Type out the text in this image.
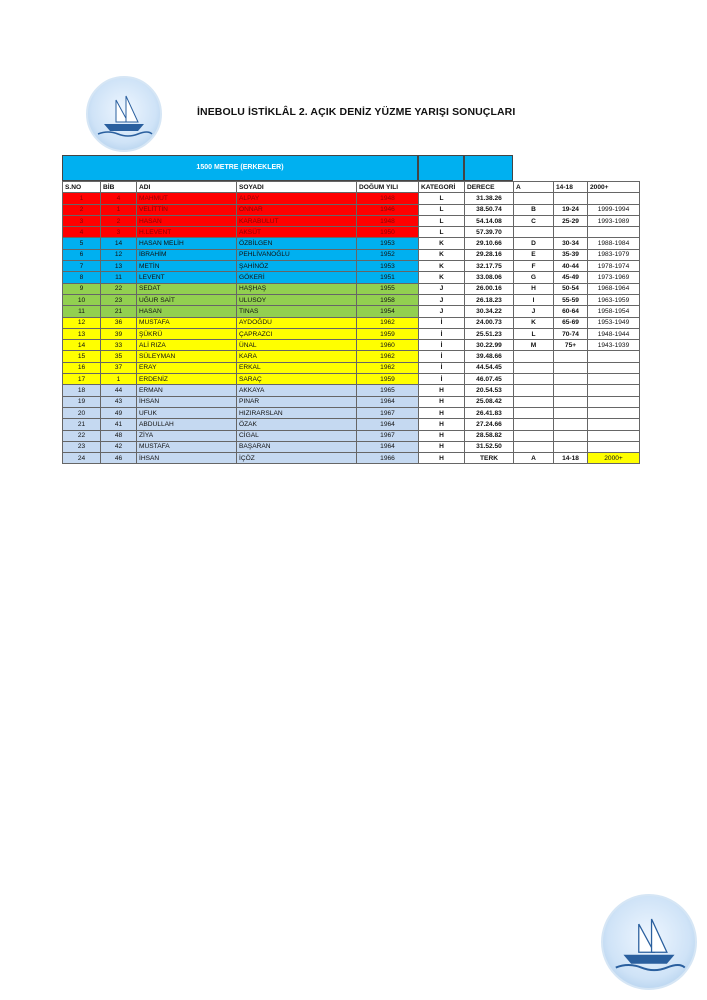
İNEBOLU İSTİKLÂL 2. AÇIK DENİZ YÜZME YARIŞI SONUÇLARI
1500 METRE (ERKEKLER)
S.NO	BİB	ADI	SOYADI	DOĞUM YILI	KATEGORİ	DERECE	A	14-18	2000+
1	4	MAHMUT	ALPAY	1948	L	31.38.26			
2	1	VELİTTİN	ONNAR	1946	L	38.50.74	B	19-24	1999-1994
3	2	HASAN	KARABULUT	1948	L	54.14.08	C	25-29	1993-1989
4	3	H.LEVENT	AKSÜT	1950	L	57.39.70			
5	14	HASAN MELİH	ÖZBİLGEN	1953	K	29.10.66	D	30-34	1988-1984
6	12	İBRAHİM	PEHLİVANOĞLU	1952	K	29.28.16	E	35-39	1983-1979
7	13	METİN	ŞAHİNÖZ	1953	K	32.17.75	F	40-44	1978-1974
8	11	LEVENT	GÖKERİ	1951	K	33.08.06	G	45-49	1973-1969
9	22	SEDAT	HAŞHAŞ	1955	J	26.00.16	H	50-54	1968-1964
10	23	UĞUR SAİT	ULUSOY	1958	J	26.18.23	I	55-59	1963-1959
11	21	HASAN	TINAS	1954	J	30.34.22	J	60-64	1958-1954
12	36	MUSTAFA	AYDOĞDU	1962	İ	24.00.73	K	65-69	1953-1949
13	39	ŞÜKRÜ	ÇAPRAZCI	1959	İ	25.51.23	L	70-74	1948-1944
14	33	ALİ RIZA	ÜNAL	1960	İ	30.22.99	M	75+	1943-1939
15	35	SÜLEYMAN	KARA	1962	İ	39.48.66			
16	37	ERAY	ERKAL	1962	İ	44.54.45			
17	1	ERDENİZ	SARAÇ	1959	İ	46.07.45			
18	44	ERMAN	AKKAYA	1965	H	20.54.53			
19	43	İHSAN	PINAR	1964	H	25.08.42			
20	49	UFUK	HIZIRARSLAN	1967	H	26.41.83			
21	41	ABDULLAH	ÖZAK	1964	H	27.24.66			
22	48	ZİYA	CİGAL	1967	H	28.58.82			
23	42	MUSTAFA	BAŞARAN	1964	H	31.52.50			
24	46	İHSAN	İÇÖZ	1966	H	TERK	A	14-18	2000+
